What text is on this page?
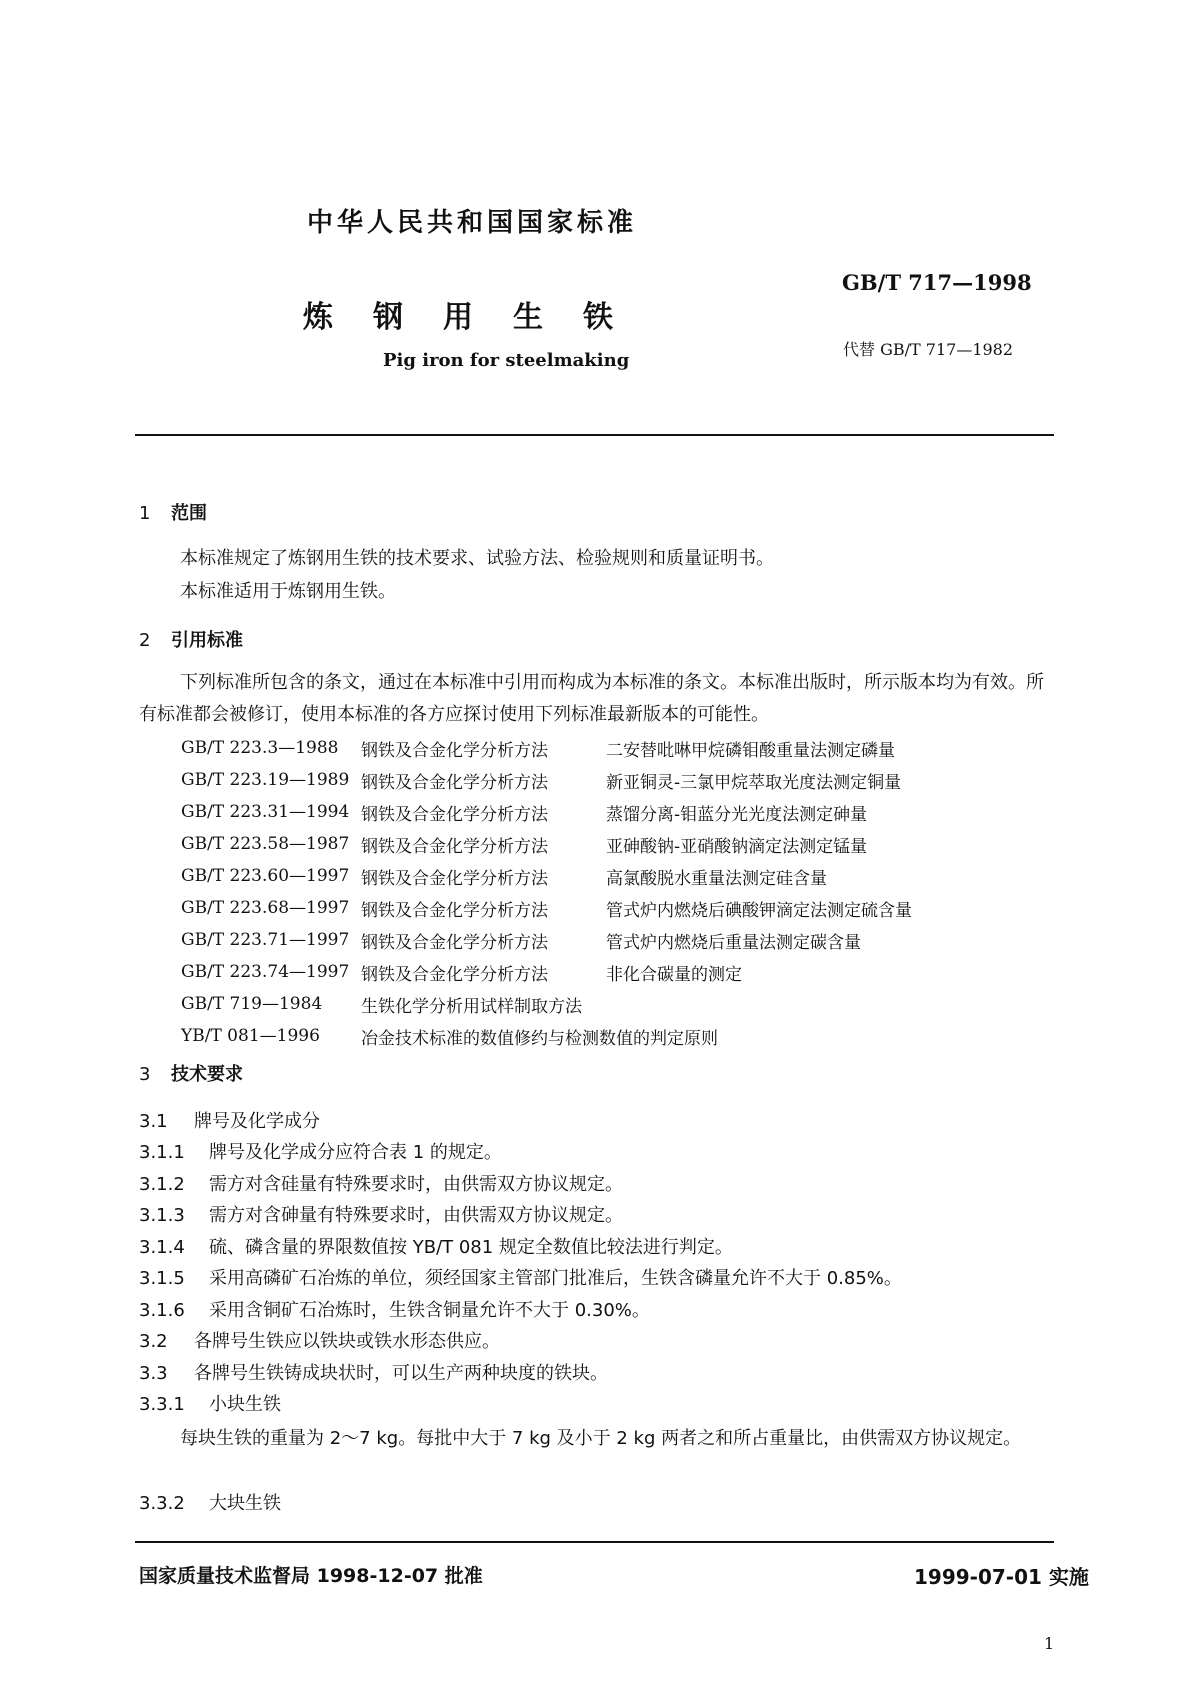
中华人民共和国国家标准
炼钢用生铁
Pig iron for steelmaking
GB/T 717—1998
代替 GB/T 717—1982
1 范围
本标准规定了炼钢用生铁的技术要求、试验方法、检验规则和质量证明书。
本标准适用于炼钢用生铁。
2 引用标准
下列标准所包含的条文，通过在本标准中引用而构成为本标准的条文。本标准出版时，所示版本均为有效。所有标准都会被修订，使用本标准的各方应探讨使用下列标准最新版本的可能性。
GB/T 223.3—1988	钢铁及合金化学分析方法	二安替吡啉甲烷磷钼酸重量法测定磷量
GB/T 223.19—1989	钢铁及合金化学分析方法	新亚铜灵-三氯甲烷萃取光度法测定铜量
GB/T 223.31—1994	钢铁及合金化学分析方法	蒸馏分离-钼蓝分光光度法测定砷量
GB/T 223.58—1987	钢铁及合金化学分析方法	亚砷酸钠-亚硝酸钠滴定法测定锰量
GB/T 223.60—1997	钢铁及合金化学分析方法	高氯酸脱水重量法测定硅含量
GB/T 223.68—1997	钢铁及合金化学分析方法	管式炉内燃烧后碘酸钾滴定法测定硫含量
GB/T 223.71—1997	钢铁及合金化学分析方法	管式炉内燃烧后重量法测定碳含量
GB/T 223.74—1997	钢铁及合金化学分析方法	非化合碳量的测定
GB/T 719—1984	生铁化学分析用试样制取方法	
YB/T 081—1996	冶金技术标准的数值修约与检测数值的判定原则	
3 技术要求
3.1 牌号及化学成分
3.1.1 牌号及化学成分应符合表 1 的规定。
3.1.2 需方对含硅量有特殊要求时，由供需双方协议规定。
3.1.3 需方对含砷量有特殊要求时，由供需双方协议规定。
3.1.4 硫、磷含量的界限数值按 YB/T 081 规定全数值比较法进行判定。
3.1.5 采用高磷矿石冶炼的单位，须经国家主管部门批准后，生铁含磷量允许不大于 0.85%。
3.1.6 采用含铜矿石冶炼时，生铁含铜量允许不大于 0.30%。
3.2 各牌号生铁应以铁块或铁水形态供应。
3.3 各牌号生铁铸成块状时，可以生产两种块度的铁块。
3.3.1 小块生铁
每块生铁的重量为 2～7 kg。每批中大于 7 kg 及小于 2 kg 两者之和所占重量比，由供需双方协议规定。
3.3.2 大块生铁
国家质量技术监督局 1998-12-07 批准	1999-07-01 实施
1
